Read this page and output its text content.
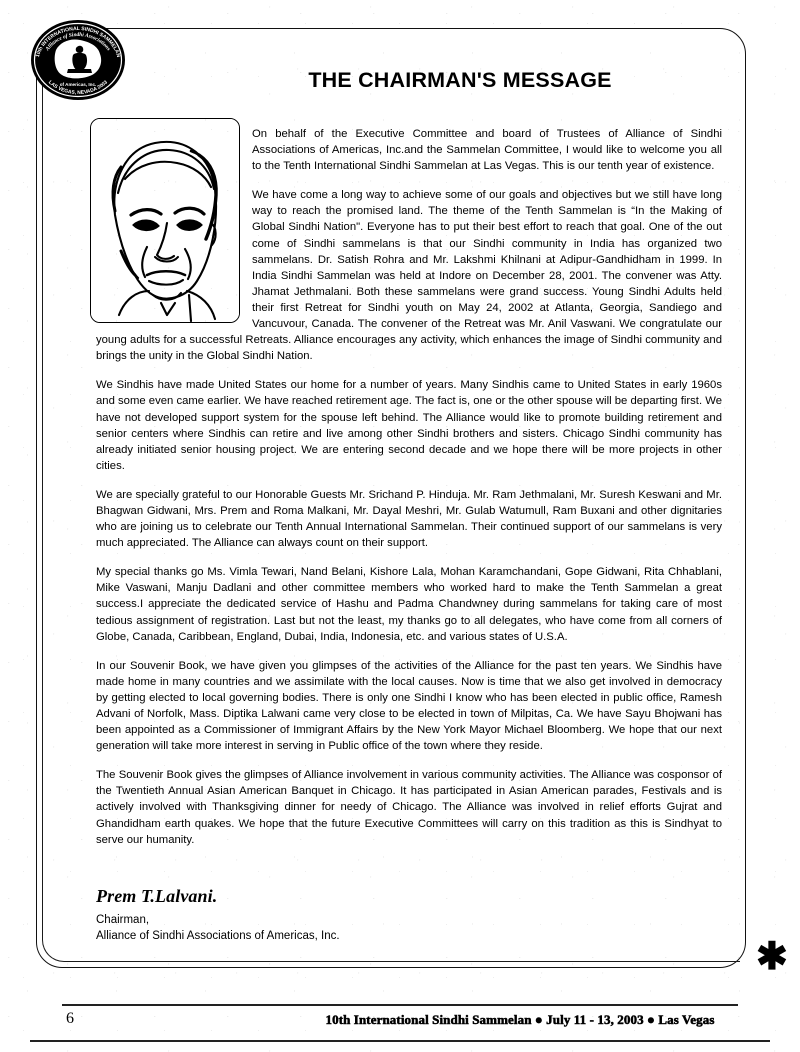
10th INTERNATIONAL SINDHI SAMMELAN
Alliance of Sindhi Associations
of Americas, Inc.
LAS VEGAS, NEVADA 2003	THE CHAIRMAN'S MESSAGE

On behalf of the Executive Committee and board of Trustees of Alliance of Sindhi Associations of Americas, Inc.and the Sammelan Committee, I would like to welcome you all to the Tenth International Sindhi Sammelan at Las Vegas. This is our tenth year of existence.

We have come a long way to achieve some of our goals and objectives but we still have long way to reach the promised land. The theme of the Tenth Sammelan is “In the Making of Global Sindhi Nation". Everyone has to put their best effort to reach that goal. One of the out come of Sindhi sammelans is that our Sindhi community in India has organized two sammelans. Dr. Satish Rohra and Mr. Lakshmi Khilnani at Adipur-Gandhidham in 1999. In India Sindhi Sammelan was held at Indore on December 28, 2001. The convener was Atty. Jhamat Jethmalani. Both these sammelans were grand success. Young Sindhi Adults held their first Retreat for Sindhi youth on May 24, 2002 at Atlanta, Georgia, Sandiego and Vancuvour, Canada. The convener of the Retreat was Mr. Anil Vaswani. We congratulate our young adults for a successful Retreats. Alliance encourages any activity, which enhances the image of Sindhi community and brings the unity in the Global Sindhi Nation.

We Sindhis have made United States our home for a number of years. Many Sindhis came to United States in early 1960s and some even came earlier. We have reached retirement age. The fact is, one or the other spouse will be departing first. We have not developed support system for the spouse left behind. The Alliance would like to promote building retirement and senior centers where Sindhis can retire and live among other Sindhi brothers and sisters. Chicago Sindhi community has already initiated senior housing project. We are entering second decade and we hope there will be more projects in other cities.

We are specially grateful to our Honorable Guests Mr. Srichand P. Hinduja. Mr. Ram Jethmalani, Mr. Suresh Keswani and Mr. Bhagwan Gidwani, Mrs. Prem and Roma Malkani, Mr. Dayal Meshri, Mr. Gulab Watumull, Ram Buxani and other dignitaries who are joining us to celebrate our Tenth Annual International Sammelan. Their continued support of our sammelans is very much appreciated. The Alliance can always count on their support.

My special thanks go Ms. Vimla Tewari, Nand Belani, Kishore Lala, Mohan Karamchandani, Gope Gidwani, Rita Chhablani, Mike Vaswani, Manju Dadlani and other committee members who worked hard to make the Tenth Sammelan a great success.I appreciate the dedicated service of Hashu and Padma Chandwney during sammelans for taking care of most tedious assignment of registration. Last but not the least, my thanks go to all delegates, who have come from all corners of Globe, Canada, Caribbean, England, Dubai, India, Indonesia, etc. and various states of U.S.A.

In our Souvenir Book, we have given you glimpses of the activities of the Alliance for the past ten years. We Sindhis have made home in many countries and we assimilate with the local causes. Now is time that we also get involved in democracy by getting elected to local governing bodies. There is only one Sindhi I know who has been elected in public office, Ramesh Advani of Norfolk, Mass. Diptika Lalwani came very close to be elected in town of Milpitas, Ca. We have Sayu Bhojwani has been appointed as a Commissioner of Immigrant Affairs by the New York Mayor Michael Bloomberg. We hope that our next generation will take more interest in serving in Public office of the town where they reside.

The Souvenir Book gives the glimpses of Alliance involvement in various community activities. The Alliance was cosponsor of the Twentieth Annual Asian American Banquet in Chicago. It has participated in Asian American parades, Festivals and is actively involved with Thanksgiving dinner for needy of Chicago. The Alliance was involved in relief efforts Gujrat and Ghandidham earth quakes. We hope that the future Executive Committees will carry on this tradition as this is Sindhyat to serve our humanity.

Prem T.Lalvani.
Chairman,
Alliance of Sindhi Associations of Americas, Inc.
✱
6	10th International Sindhi Sammelan ● July 11 - 13, 2003 ● Las Vegas
